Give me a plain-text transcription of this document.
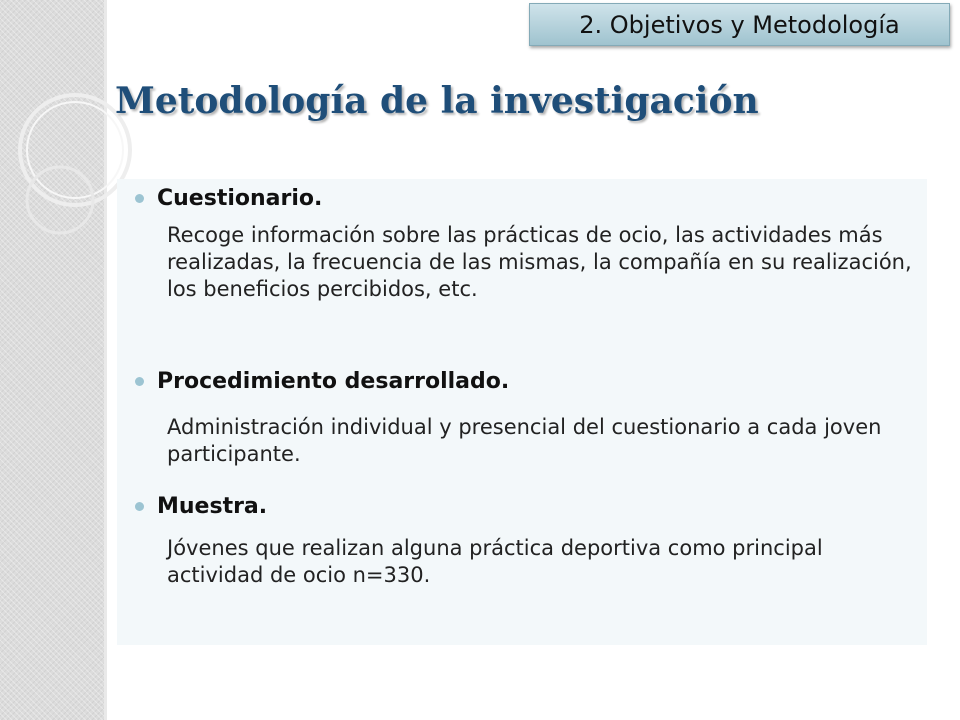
2. Objetivos y Metodología
Metodología de la investigación
Cuestionario.

Recoge información sobre las prácticas de ocio, las actividades más realizadas, la frecuencia de las mismas, la compañía en su realización, los beneficios percibidos, etc.

Procedimiento desarrollado.

Administración individual y presencial del cuestionario a cada joven participante.

Muestra.

Jóvenes que realizan alguna práctica deportiva como principal actividad de ocio n=330.
